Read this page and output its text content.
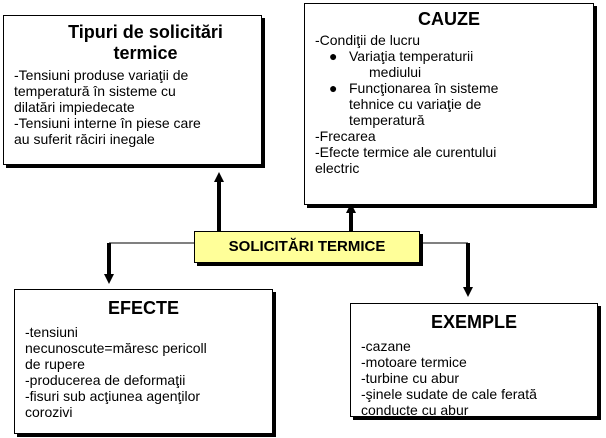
Tipuri de solicitări
termice
-Tensiuni produse variaţii de
temperatură în sisteme cu
dilatări impiedecate
-Tensiuni interne în piese care
au suferit răciri inegale
CAUZE
-Condiţii de lucru
● Variaţia temperaturii
mediului
● Funcţionarea în sisteme
tehnice cu variaţie de
temperatură
-Frecarea
-Efecte termice ale curentului
electric
SOLICITĂRI TERMICE
EFECTE
-tensiuni
necunoscute=măresc pericoll
de rupere
-producerea de deformaţii
-fisuri sub acţiunea agenţilor
corozivi
EXEMPLE
-cazane
-motoare termice
-turbine cu abur
-şinele sudate de cale ferată
conducte cu abur
